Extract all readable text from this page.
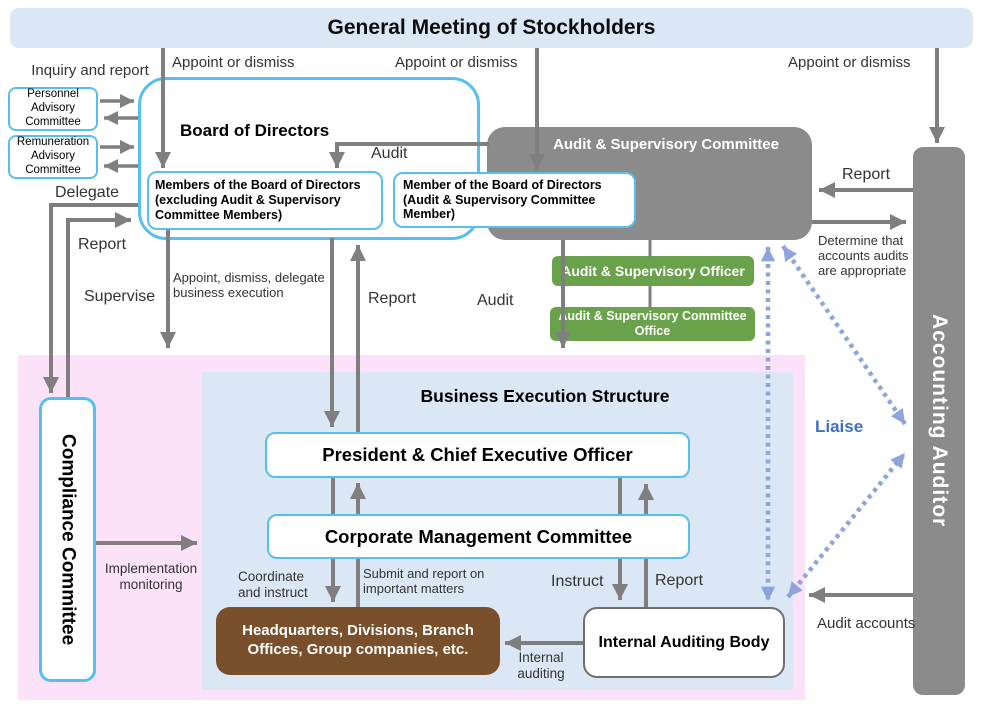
General Meeting of Stockholders
Personnel Advisory Committee
Remuneration Advisory Committee
Board of Directors
Audit & Supervisory Committee
Members of the Board of Directors (excluding Audit & Supervisory Committee Members)
Member of the Board of Directors (Audit & Supervisory Committee Member)
Audit & Supervisory Officer
Audit & Supervisory Committee Office	Accounting Auditor
Compliance Committee
Business Execution Structure
President & Chief Executive Officer
Corporate Management Committee
Headquarters, Divisions, Branch Offices, Group companies, etc.	Internal Auditing Body
Inquiry and report Appoint or dismiss	Appoint or dismiss	Appoint or dismiss
Delegate
Report
Supervise
Appoint, dismiss, delegate business execution
Audit
Report	Audit
Report
Determine that accounts audits are appropriate
Implementation monitoring
Coordinate and instruct
Submit and report on important matters	Instruct	Report
Internal auditing
Audit accounts
Liaise
